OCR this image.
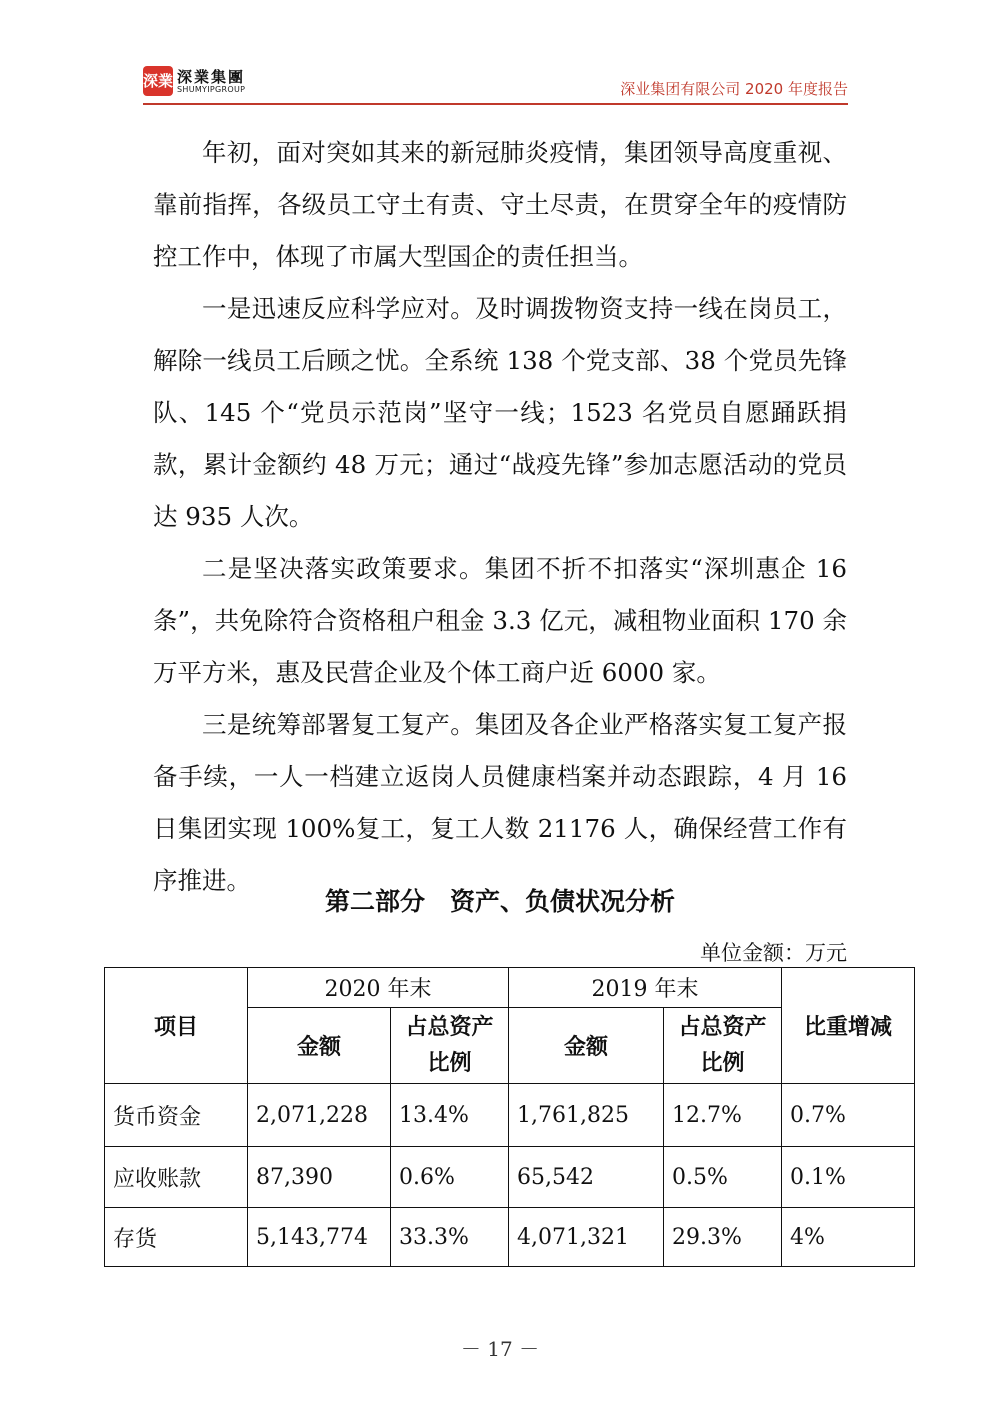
深業 深業集團
SHUMYIPGROUP	深业集团有限公司 2020 年度报告

年初，面对突如其来的新冠肺炎疫情，集团领导高度重视、靠前指挥，各级员工守土有责、守土尽责，在贯穿全年的疫情防控工作中，体现了市属大型国企的责任担当。

一是迅速反应科学应对。及时调拨物资支持一线在岗员工，解除一线员工后顾之忧。全系统 138 个党支部、38 个党员先锋队、145 个“党员示范岗”坚守一线；1523 名党员自愿踊跃捐款，累计金额约 48 万元；通过“战疫先锋”参加志愿活动的党员达 935 人次。

二是坚决落实政策要求。集团不折不扣落实“深圳惠企 16 条”，共免除符合资格租户租金 3.3 亿元，减租物业面积 170 余万平方米，惠及民营企业及个体工商户近 6000 家。

三是统筹部署复工复产。集团及各企业严格落实复工复产报备手续，一人一档建立返岗人员健康档案并动态跟踪，4 月 16 日集团实现 100%复工，复工人数 21176 人，确保经营工作有序推进。

第二部分　资产、负债状况分析
单位金额：万元
项目	2020 年末		2019 年末		比重增减
	金额	占总资产比例	金额	占总资产比例	
货币资金	2,071,228	13.4%	1,761,825	12.7%	0.7%
应收账款	87,390	0.6%	65,542	0.5%	0.1%
存货	5,143,774	33.3%	4,071,321	29.3%	4%
－ 17 －
